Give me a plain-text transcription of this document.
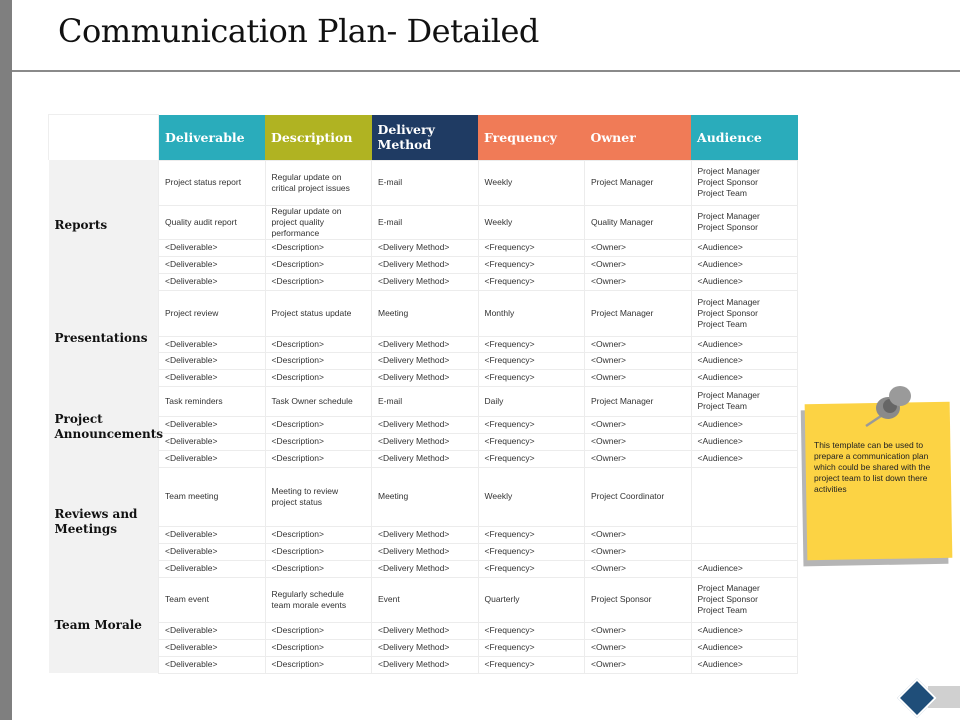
Communication Plan- Detailed
	Deliverable	Description	Delivery Method	Frequency	Owner	Audience
Reports	Project status report	Regular update on critical project issues	E-mail	Weekly	Project Manager	Project Manager
Project Sponsor
Project Team
	Quality audit report	Regular update on project quality performance	E-mail	Weekly	Quality Manager	Project Manager
Project Sponsor
	<Deliverable>	<Description>	<Delivery Method>	<Frequency>	<Owner>	<Audience>
	<Deliverable>	<Description>	<Delivery Method>	<Frequency>	<Owner>	<Audience>
	<Deliverable>	<Description>	<Delivery Method>	<Frequency>	<Owner>	<Audience>
Presentations	Project review	Project status update	Meeting	Monthly	Project Manager	Project Manager
Project Sponsor
Project Team
	<Deliverable>	<Description>	<Delivery Method>	<Frequency>	<Owner>	<Audience>
	<Deliverable>	<Description>	<Delivery Method>	<Frequency>	<Owner>	<Audience>
	<Deliverable>	<Description>	<Delivery Method>	<Frequency>	<Owner>	<Audience>
Project Announcements	Task reminders	Task Owner schedule	E-mail	Daily	Project Manager	Project Manager
Project Team
	<Deliverable>	<Description>	<Delivery Method>	<Frequency>	<Owner>	<Audience>
	<Deliverable>	<Description>	<Delivery Method>	<Frequency>	<Owner>	<Audience>
	<Deliverable>	<Description>	<Delivery Method>	<Frequency>	<Owner>	<Audience>
Reviews and Meetings	Team meeting	Meeting to review project status	Meeting	Weekly	Project Coordinator	
	<Deliverable>	<Description>	<Delivery Method>	<Frequency>	<Owner>	
	<Deliverable>	<Description>	<Delivery Method>	<Frequency>	<Owner>	
	<Deliverable>	<Description>	<Delivery Method>	<Frequency>	<Owner>	<Audience>
Team Morale	Team event	Regularly schedule team morale events	Event	Quarterly	Project Sponsor	Project Manager
Project Sponsor
Project Team
	<Deliverable>	<Description>	<Delivery Method>	<Frequency>	<Owner>	<Audience>
	<Deliverable>	<Description>	<Delivery Method>	<Frequency>	<Owner>	<Audience>
	<Deliverable>	<Description>	<Delivery Method>	<Frequency>	<Owner>	<Audience>
This template can be used to prepare a communication plan which could be shared with the project team to list down there activities
